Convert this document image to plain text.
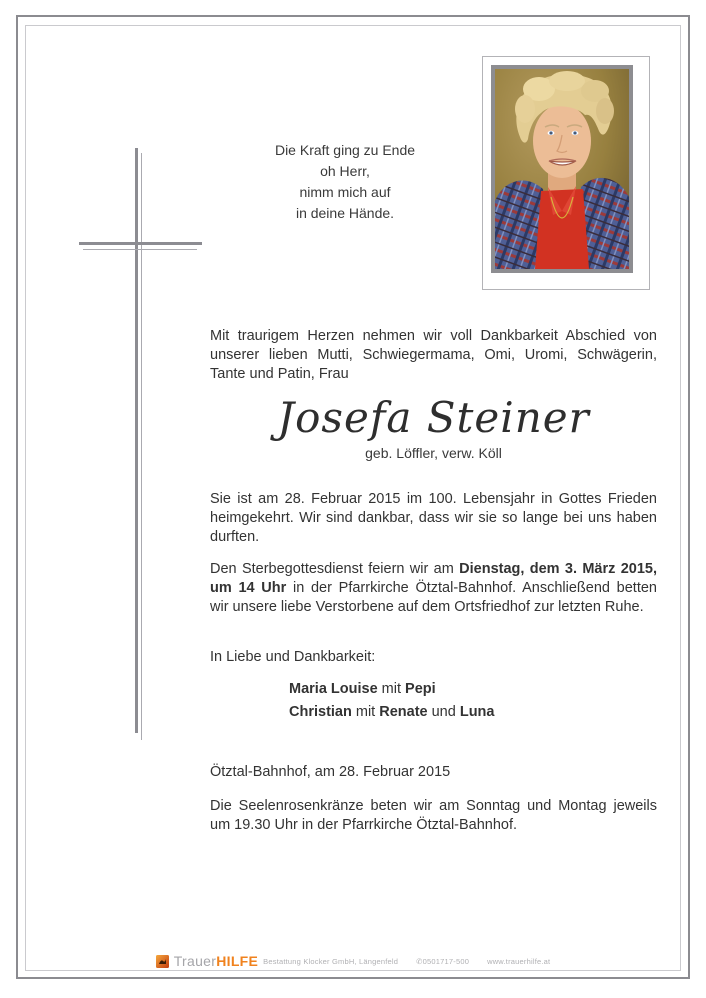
Die Kraft ging zu Ende
oh Herr,
nimm mich auf
in deine Hände.
Mit traurigem Herzen nehmen wir voll Dankbarkeit Abschied von unserer lieben Mutti, Schwiegermama, Omi, Uromi, Schwägerin, Tante und Patin, Frau
Josefa Steiner
geb. Löffler, verw. Köll
Sie ist am 28. Februar 2015 im 100. Lebensjahr in Gottes Frieden heimgekehrt. Wir sind dankbar, dass wir sie so lange bei uns haben durften.
Den Sterbegottesdienst feiern wir am Dienstag, dem 3. März 2015, um 14 Uhr in der Pfarrkirche Ötztal-Bahnhof. Anschließend betten wir unsere liebe Verstorbene auf dem Ortsfriedhof zur letzten Ruhe.
In Liebe und Dankbarkeit:
Maria Louise mit Pepi
Christian mit Renate und Luna
Ötztal-Bahnhof, am 28. Februar 2015
Die Seelenrosenkränze beten wir am Sonntag und Montag jeweils um 19.30 Uhr in der Pfarrkirche Ötztal-Bahnhof.
TrauerHILFE Bestattung Klocker GmbH, Längenfeld ✆0501717-500 www.trauerhilfe.at
